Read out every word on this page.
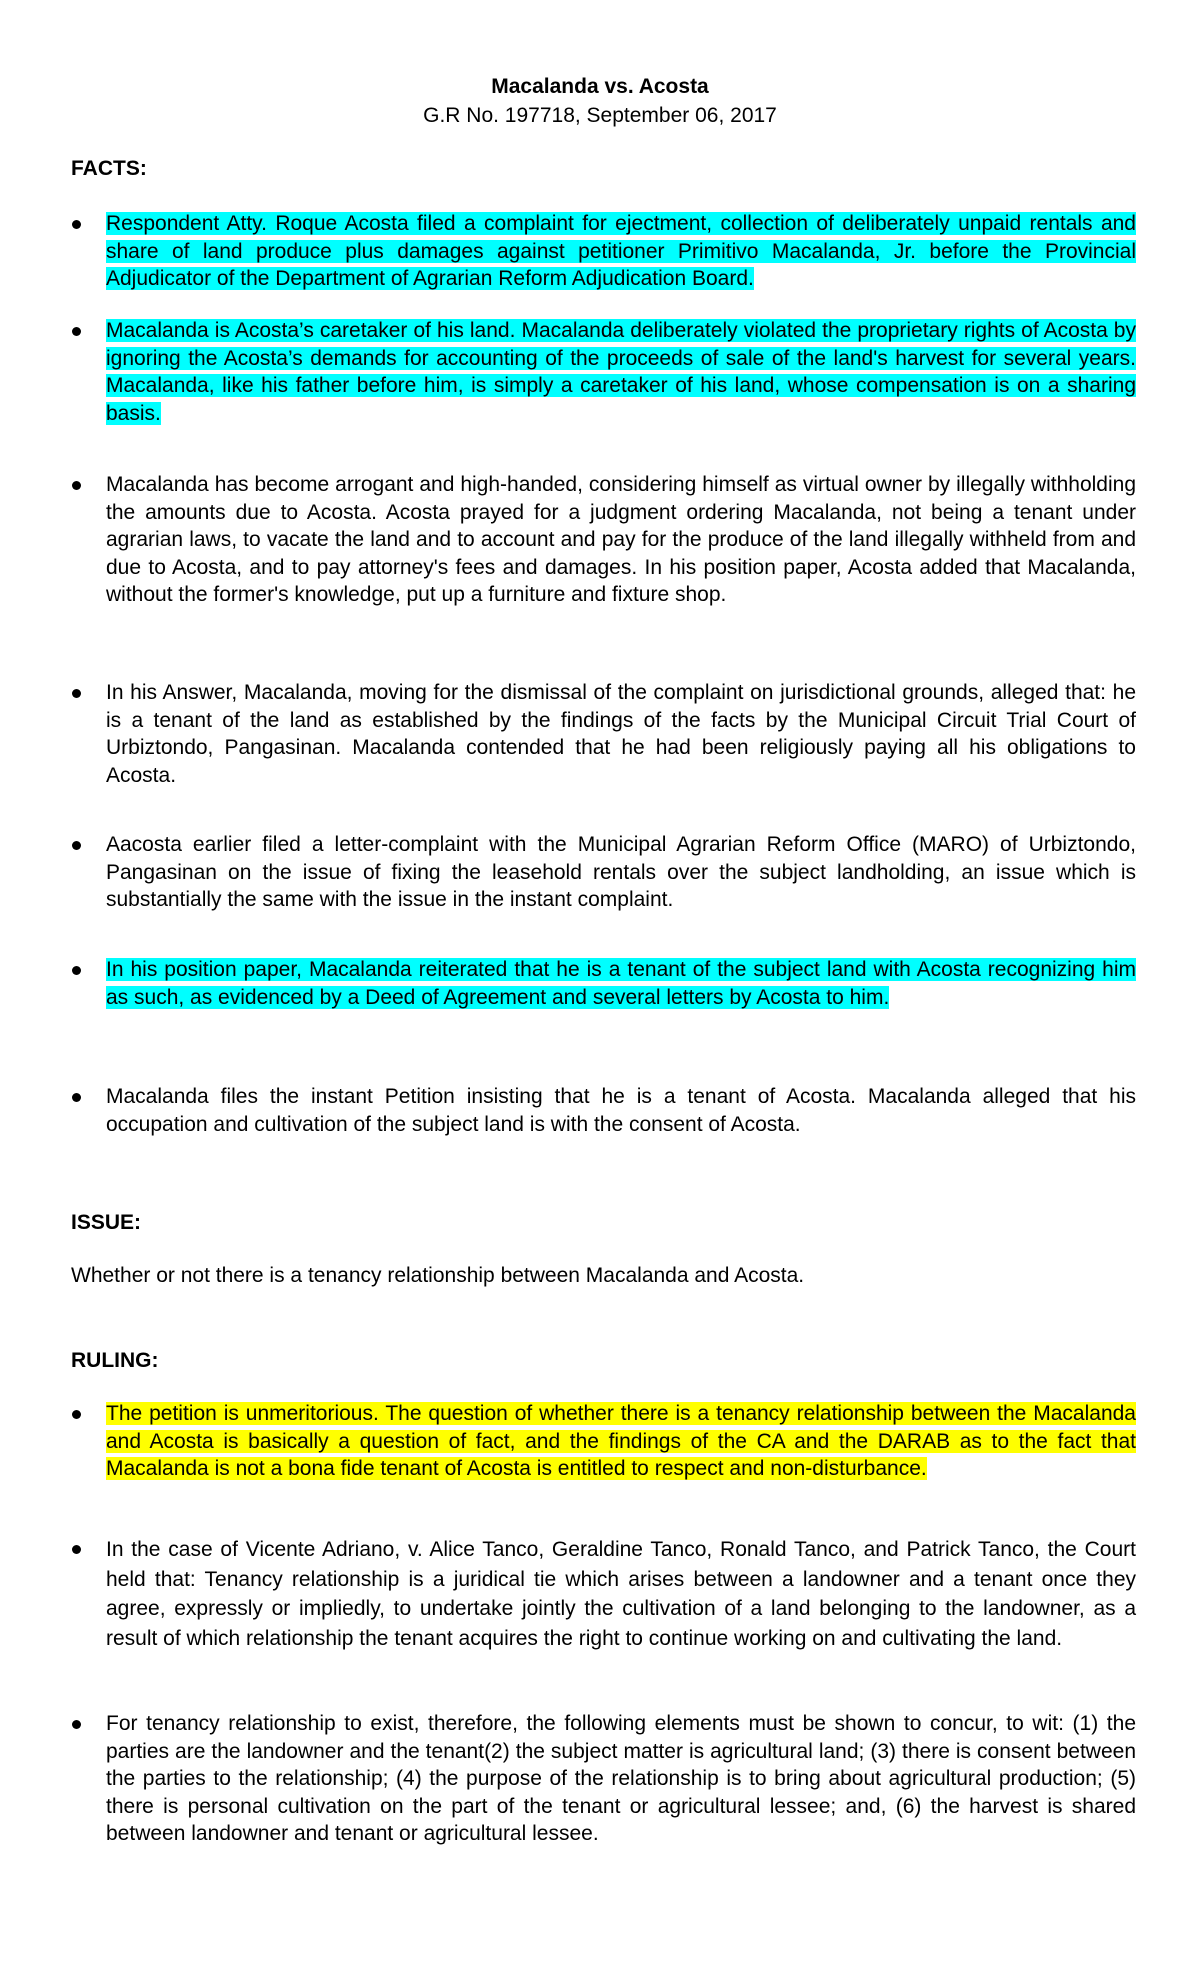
Macalanda vs. Acosta
G.R No. 197718, September 06, 2017
FACTS:
Respondent Atty. Roque Acosta filed a complaint for ejectment, collection of deliberately unpaid rentals and share of land produce plus damages against petitioner Primitivo Macalanda, Jr. before the Provincial Adjudicator of the Department of Agrarian Reform Adjudication Board.
Macalanda is Acosta’s caretaker of his land. Macalanda deliberately violated the proprietary rights of Acosta by ignoring the Acosta’s demands for accounting of the proceeds of sale of the land's harvest for several years. Macalanda, like his father before him, is simply a caretaker of his land, whose compensation is on a sharing basis.
Macalanda has become arrogant and high-handed, considering himself as virtual owner by illegally withholding the amounts due to Acosta. Acosta prayed for a judgment ordering Macalanda, not being a tenant under agrarian laws, to vacate the land and to account and pay for the produce of the land illegally withheld from and due to Acosta, and to pay attorney's fees and damages. In his position paper, Acosta added that Macalanda, without the former's knowledge, put up a furniture and fixture shop.
In his Answer, Macalanda, moving for the dismissal of the complaint on jurisdictional grounds, alleged that: he is a tenant of the land as established by the findings of the facts by the Municipal Circuit Trial Court of Urbiztondo, Pangasinan. Macalanda contended that he had been religiously paying all his obligations to Acosta.
Aacosta earlier filed a letter-complaint with the Municipal Agrarian Reform Office (MARO) of Urbiztondo, Pangasinan on the issue of fixing the leasehold rentals over the subject landholding, an issue which is substantially the same with the issue in the instant complaint.
In his position paper, Macalanda reiterated that he is a tenant of the subject land with Acosta recognizing him as such, as evidenced by a Deed of Agreement and several letters by Acosta to him.
Macalanda files the instant Petition insisting that he is a tenant of Acosta. Macalanda alleged that his occupation and cultivation of the subject land is with the consent of Acosta.
ISSUE:
Whether or not there is a tenancy relationship between Macalanda and Acosta.
RULING:
The petition is unmeritorious. The question of whether there is a tenancy relationship between the Macalanda and Acosta is basically a question of fact, and the findings of the CA and the DARAB as to the fact that Macalanda is not a bona fide tenant of Acosta is entitled to respect and non-disturbance.
In the case of Vicente Adriano, v. Alice Tanco, Geraldine Tanco, Ronald Tanco, and Patrick Tanco, the Court held that: Tenancy relationship is a juridical tie which arises between a landowner and a tenant once they agree, expressly or impliedly, to undertake jointly the cultivation of a land belonging to the landowner, as a result of which relationship the tenant acquires the right to continue working on and cultivating the land.
For tenancy relationship to exist, therefore, the following elements must be shown to concur, to wit: (1) the parties are the landowner and the tenant(2) the subject matter is agricultural land; (3) there is consent between the parties to the relationship; (4) the purpose of the relationship is to bring about agricultural production; (5) there is personal cultivation on the part of the tenant or agricultural lessee; and, (6) the harvest is shared between landowner and tenant or agricultural lessee.
